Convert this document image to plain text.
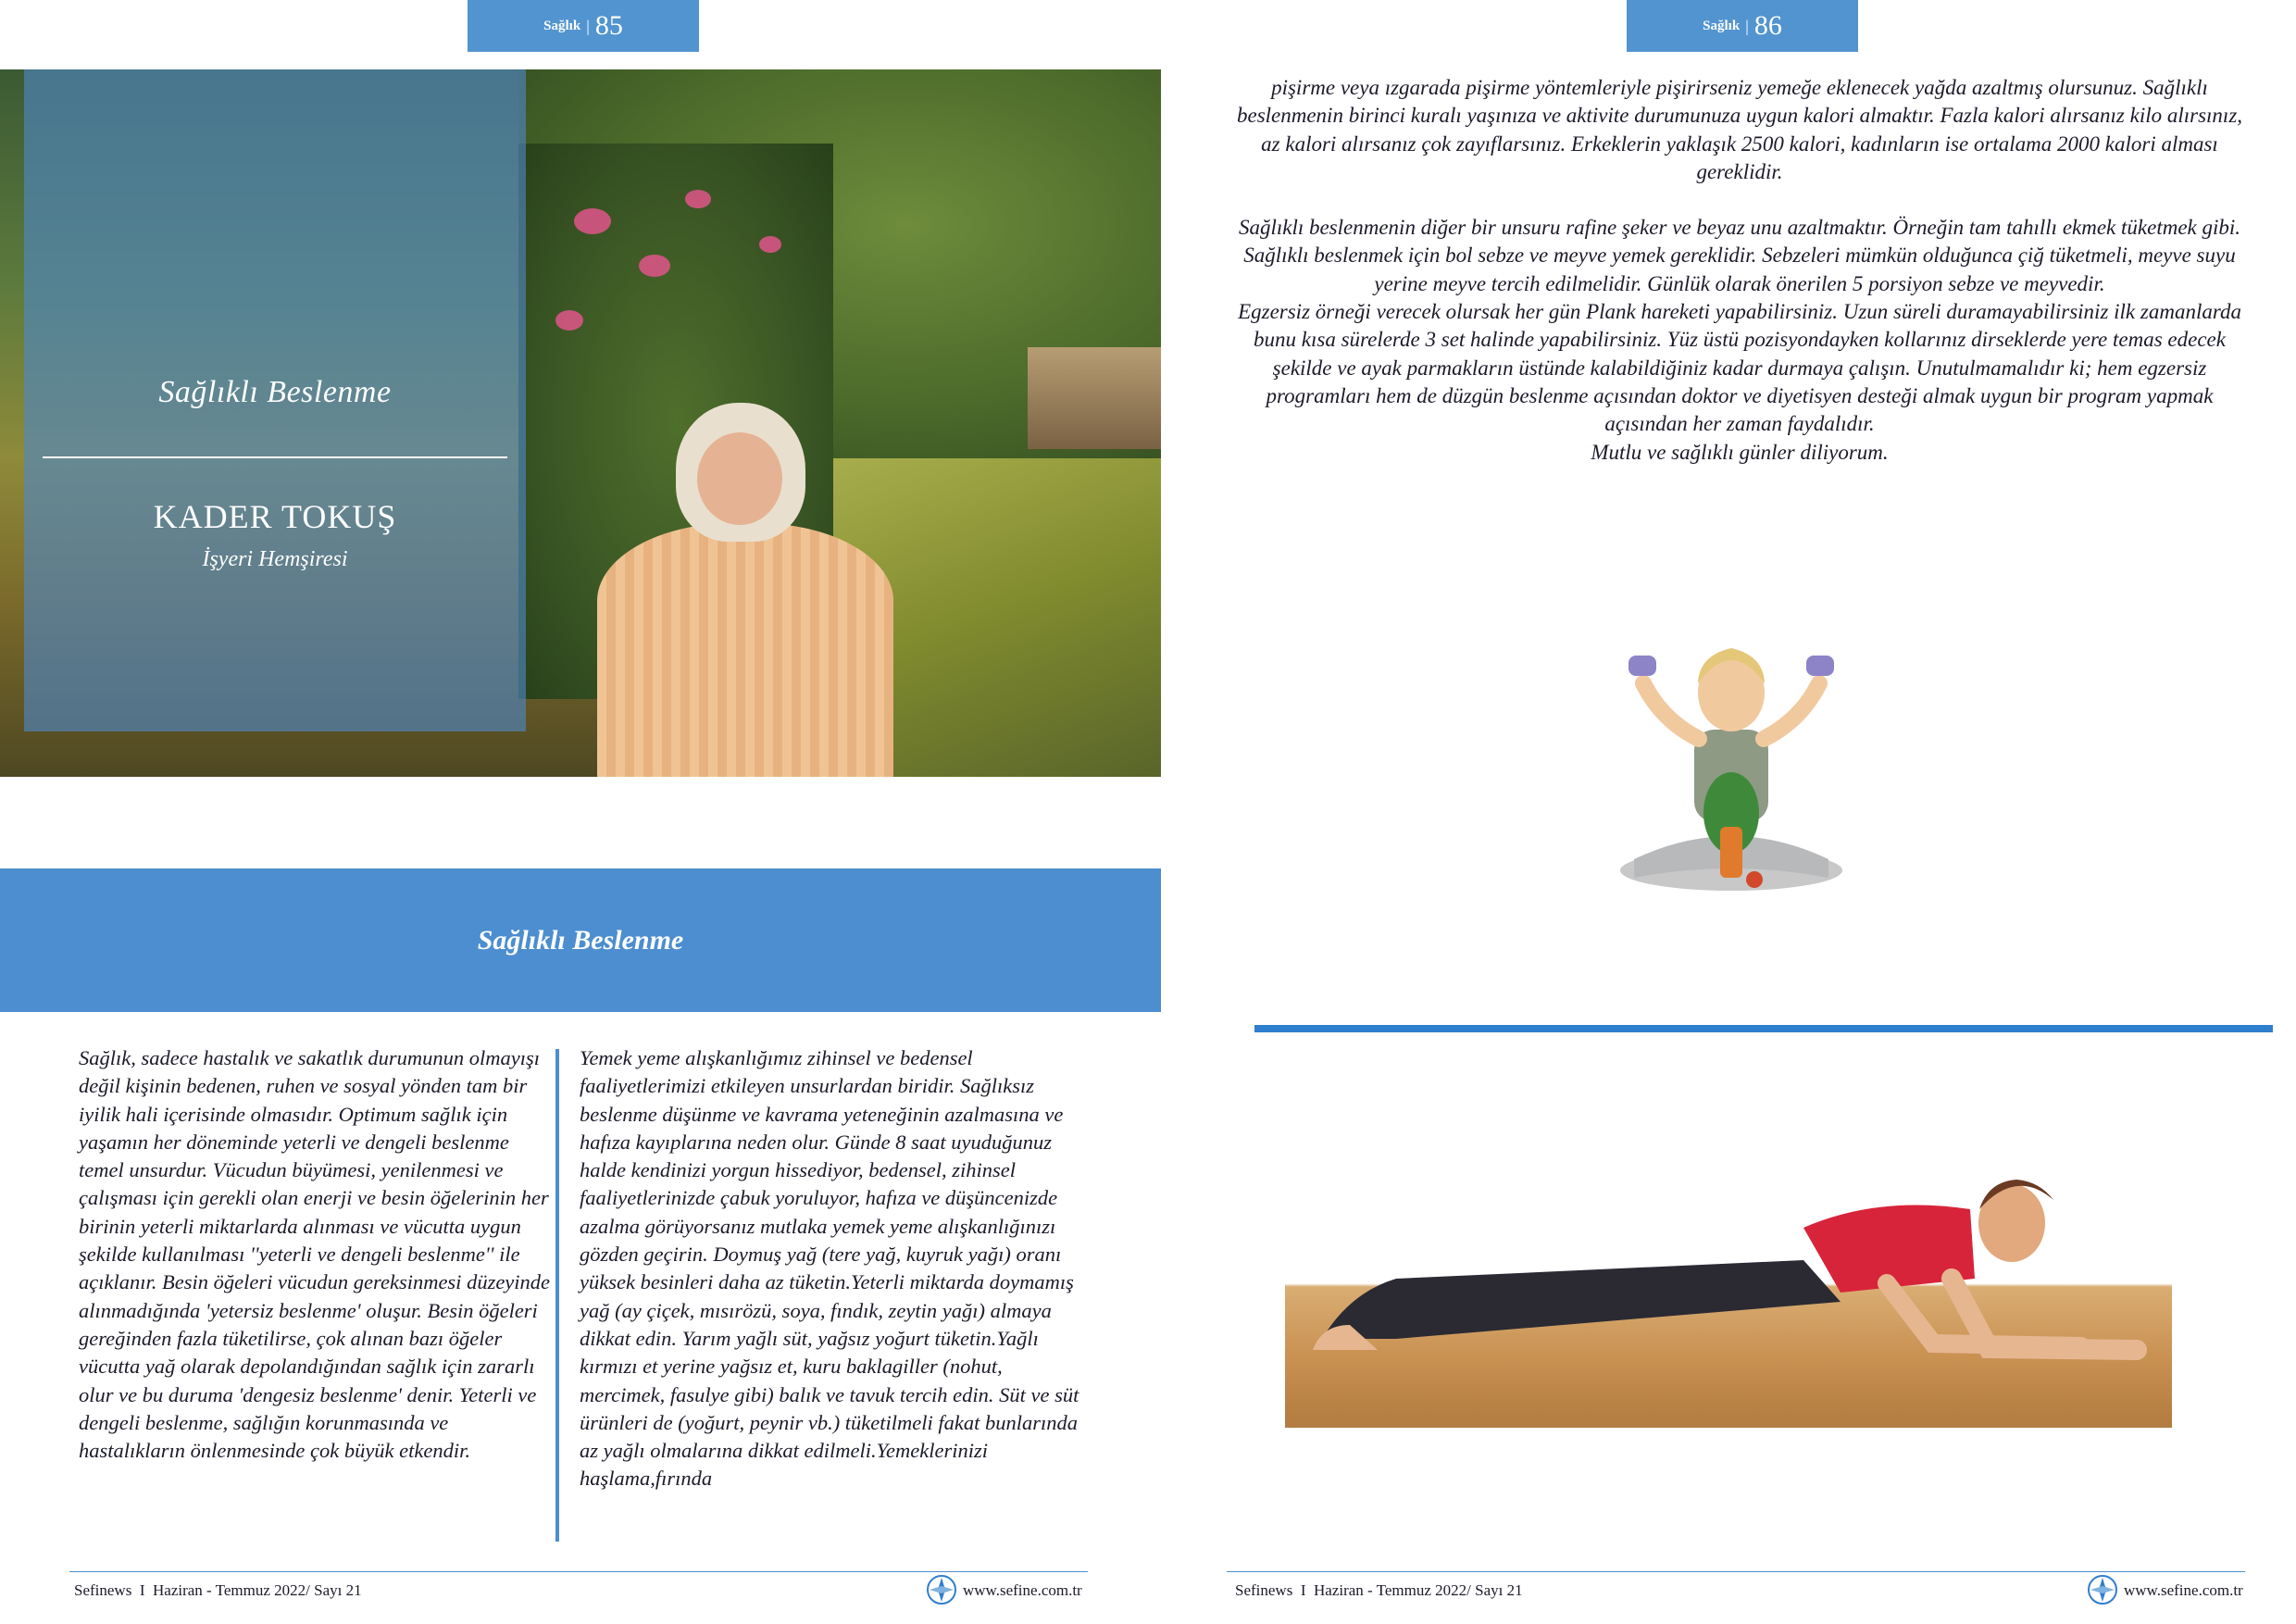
Sağlık | 85
Sağlıklı Beslenme
KADER TOKUŞ
İşyeri Hemşiresi
Sağlıklı Beslenme

Sağlık, sadece hastalık ve sakatlık durumunun olmayışı değil kişinin bedenen, ruhen ve sosyal yönden tam bir iyilik hali içerisinde olmasıdır. Optimum sağlık için yaşamın her döneminde yeterli ve dengeli beslenme temel unsurdur. Vücudun büyümesi, yenilenmesi ve çalışması için gerekli olan enerji ve besin öğelerinin her birinin yeterli miktarlarda alınması ve vücutta uygun şekilde kullanılması ''yeterli ve dengeli beslenme'' ile açıklanır. Besin öğeleri vücudun gereksinmesi düzeyinde alınmadığında 'yetersiz beslenme' oluşur. Besin öğeleri gereğinden fazla tüketilirse, çok alınan bazı öğeler vücutta yağ olarak depolandığından sağlık için zararlı olur ve bu duruma 'dengesiz beslenme' denir. Yeterli ve dengeli beslenme, sağlığın korunmasında ve hastalıkların önlenmesinde çok büyük etkendir.

Yemek yeme alışkanlığımız zihinsel ve bedensel faaliyetlerimizi etkileyen unsurlardan biridir. Sağlıksız beslenme düşünme ve kavrama yeteneğinin azalmasına ve hafıza kayıplarına neden olur. Günde 8 saat uyuduğunuz halde kendinizi yorgun hissediyor, bedensel, zihinsel faaliyetlerinizde çabuk yoruluyor, hafıza ve düşüncenizde azalma görüyorsanız mutlaka yemek yeme alışkanlığınızı gözden geçirin. Doymuş yağ (tere yağ, kuyruk yağı) oranı yüksek besinleri daha az tüketin.Yeterli miktarda doymamış yağ (ay çiçek, mısırözü, soya, fındık, zeytin yağı) almaya dikkat edin. Yarım yağlı süt, yağsız yoğurt tüketin.Yağlı kırmızı et yerine yağsız et, kuru baklagiller (nohut, mercimek, fasulye gibi) balık ve tavuk tercih edin. Süt ve süt ürünleri de (yoğurt, peynir vb.) tüketilmeli fakat bunlarında az yağlı olmalarına dikkat edilmeli.Yemeklerinizi haşlama,fırında

Sefinews I Haziran - Temmuz 2022/ Sayı 21	www.sefine.com.tr
Sağlık | 86

pişirme veya ızgarada pişirme yöntemleriyle pişirirseniz yemeğe eklenecek yağda azaltmış olursunuz. Sağlıklı beslenmenin birinci kuralı yaşınıza ve aktivite durumunuza uygun kalori almaktır. Fazla kalori alırsanız kilo alırsınız, az kalori alırsanız çok zayıflarsınız. Erkeklerin yaklaşık 2500 kalori, kadınların ise ortalama 2000 kalori alması gereklidir.

Sağlıklı beslenmenin diğer bir unsuru rafine şeker ve beyaz unu azaltmaktır. Örneğin tam tahıllı ekmek tüketmek gibi. Sağlıklı beslenmek için bol sebze ve meyve yemek gereklidir. Sebzeleri mümkün olduğunca çiğ tüketmeli, meyve suyu yerine meyve tercih edilmelidir. Günlük olarak önerilen 5 porsiyon sebze ve meyvedir.

Egzersiz örneği verecek olursak her gün Plank hareketi yapabilirsiniz. Uzun süreli duramayabilirsiniz ilk zamanlarda bunu kısa sürelerde 3 set halinde yapabilirsiniz. Yüz üstü pozisyondayken kollarınız dirseklerde yere temas edecek şekilde ve ayak parmakların üstünde kalabildiğiniz kadar durmaya çalışın. Unutulmamalıdır ki; hem egzersiz programları hem de düzgün beslenme açısından doktor ve diyetisyen desteği almak uygun bir program yapmak açısından her zaman faydalıdır.

Mutlu ve sağlıklı günler diliyorum.

Sefinews I Haziran - Temmuz 2022/ Sayı 21	www.sefine.com.tr
